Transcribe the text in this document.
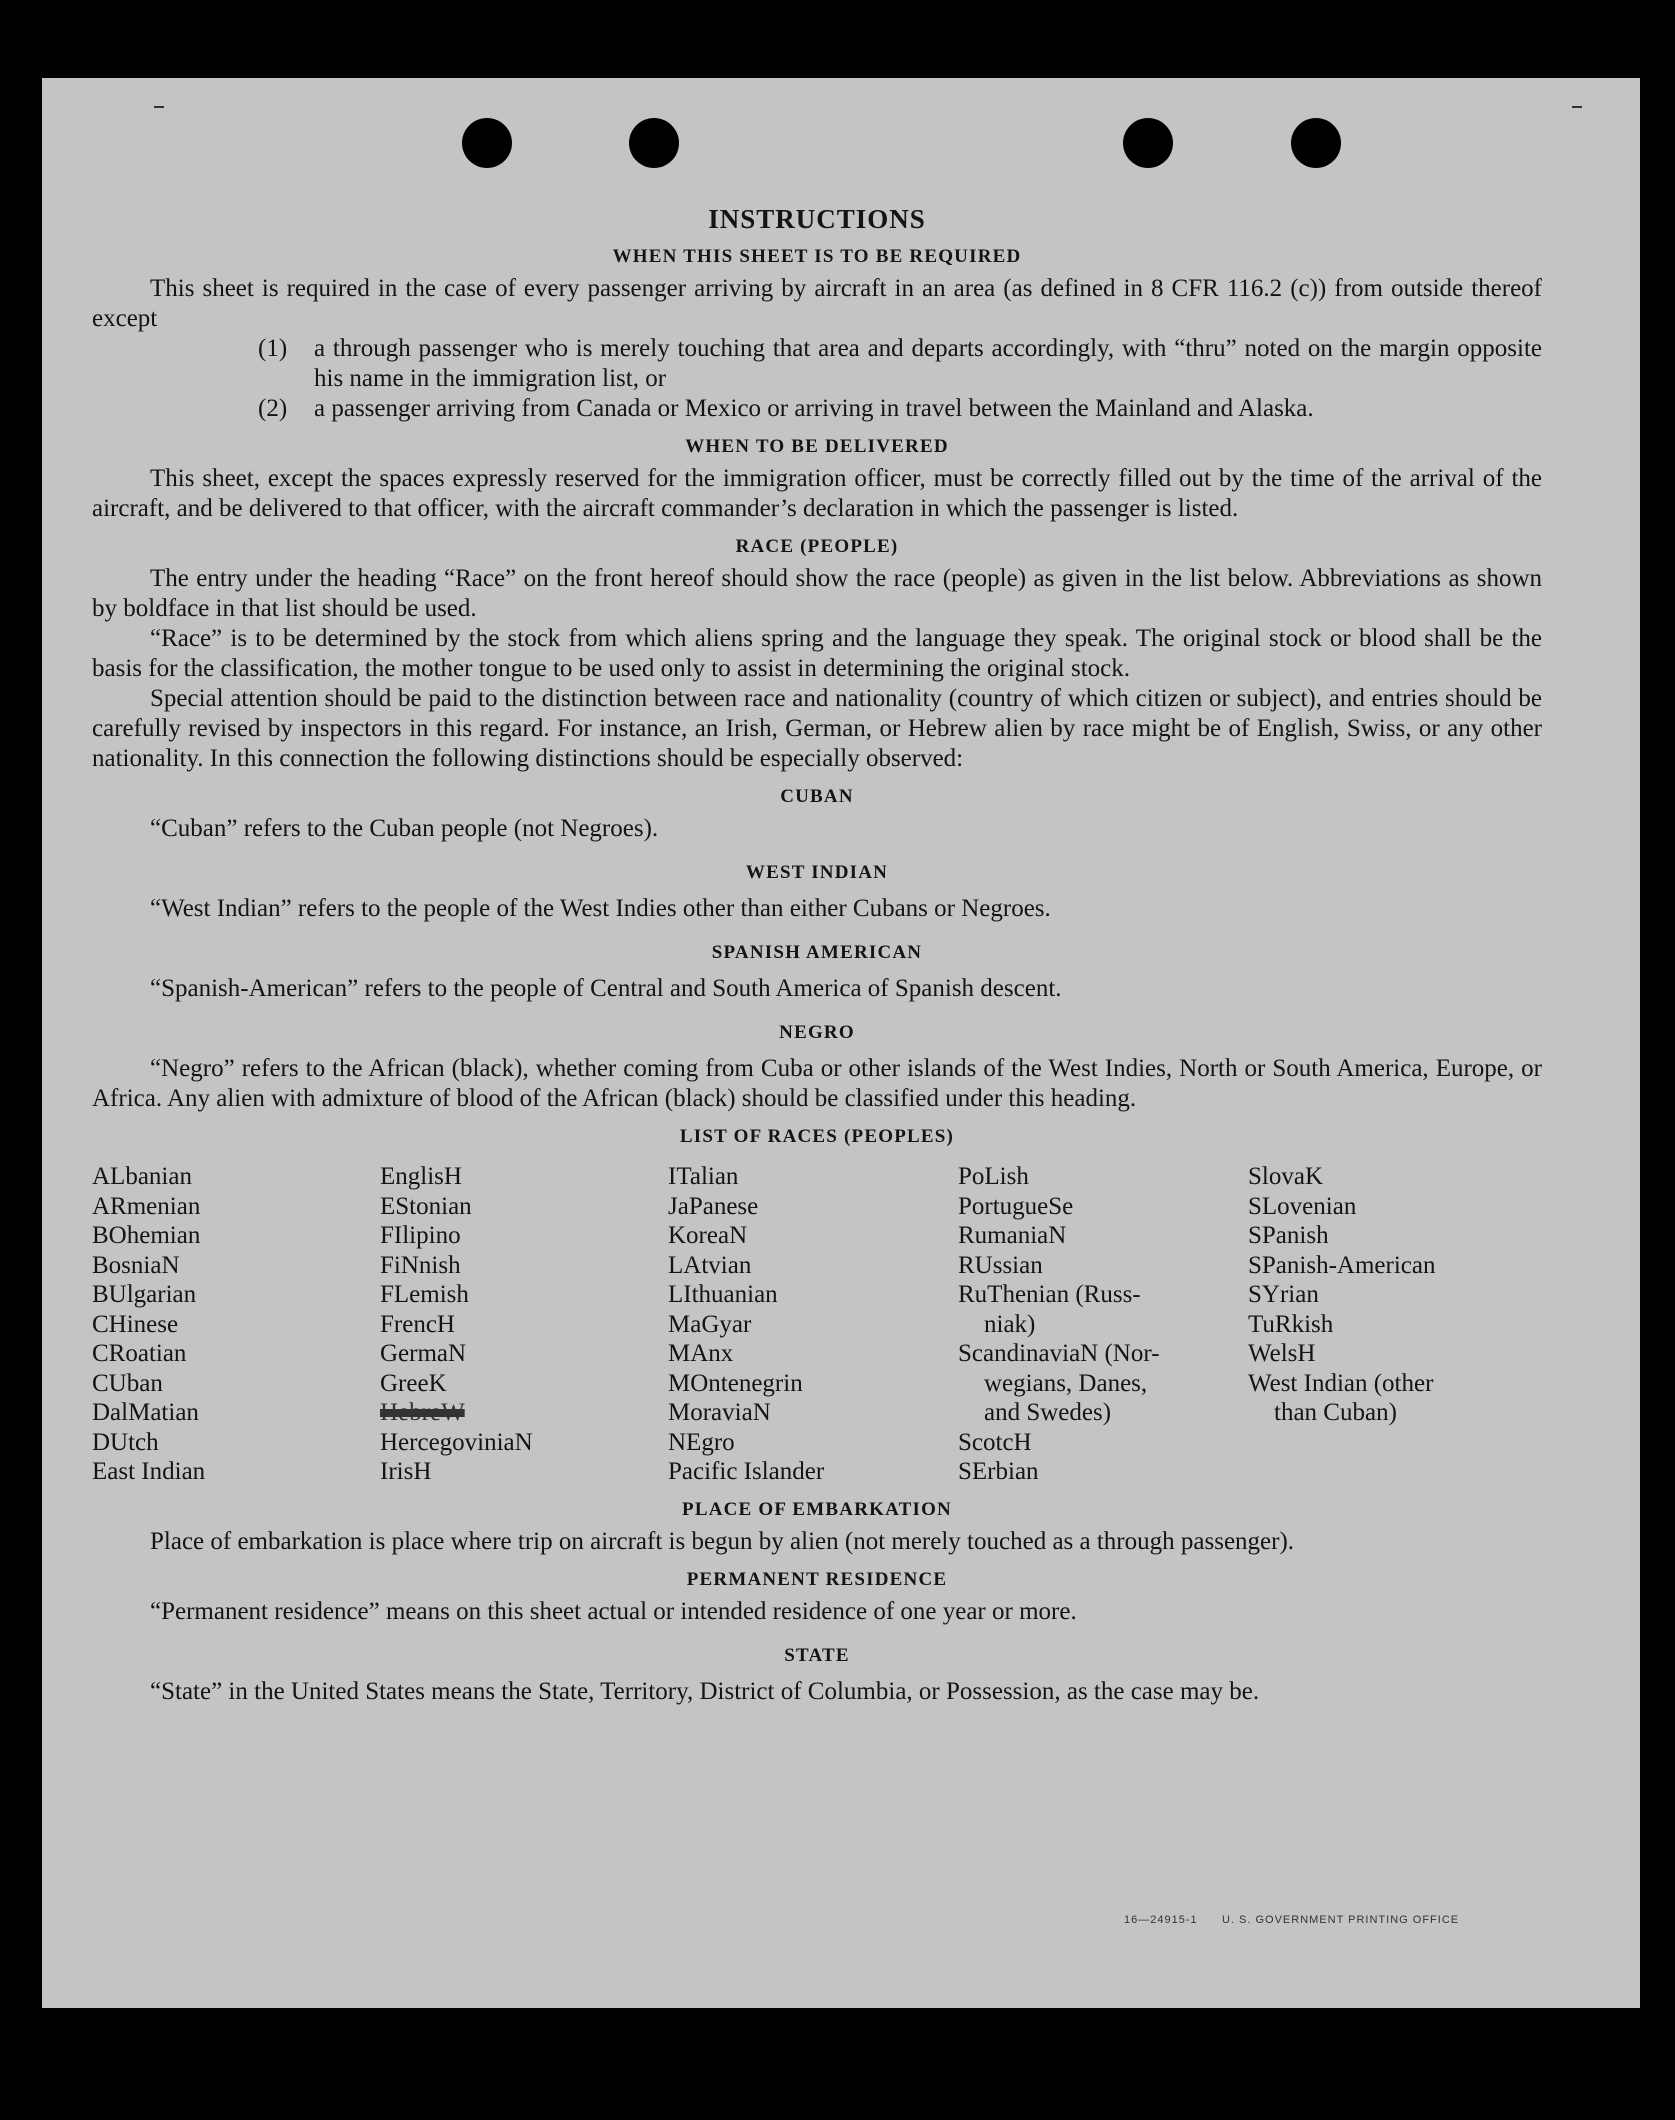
INSTRUCTIONS
WHEN THIS SHEET IS TO BE REQUIRED

This sheet is required in the case of every passenger arriving by aircraft in an area (as defined in 8 CFR 116.2 (c)) from outside thereof except

(1)	a through passenger who is merely touching that area and departs accordingly, with “thru” noted on the margin opposite his name in the immigration list, or
(2)	a passenger arriving from Canada or Mexico or arriving in travel between the Mainland and Alaska.
WHEN TO BE DELIVERED

This sheet, except the spaces expressly reserved for the immigration officer, must be correctly filled out by the time of the arrival of the aircraft, and be delivered to that officer, with the aircraft commander’s declaration in which the passenger is listed.

RACE (PEOPLE)

The entry under the heading “Race” on the front hereof should show the race (people) as given in the list below. Abbreviations as shown by boldface in that list should be used.

“Race” is to be determined by the stock from which aliens spring and the language they speak. The original stock or blood shall be the basis for the classification, the mother tongue to be used only to assist in determining the original stock.

Special attention should be paid to the distinction between race and nationality (country of which citizen or subject), and entries should be carefully revised by inspectors in this regard. For instance, an Irish, German, or Hebrew alien by race might be of English, Swiss, or any other nationality. In this connection the following distinctions should be especially observed:

CUBAN

“Cuban” refers to the Cuban people (not Negroes).

WEST INDIAN

“West Indian” refers to the people of the West Indies other than either Cubans or Negroes.

SPANISH AMERICAN

“Spanish-American” refers to the people of Central and South America of Spanish descent.

NEGRO

“Negro” refers to the African (black), whether coming from Cuba or other islands of the West Indies, North or South America, Europe, or Africa. Any alien with admixture of blood of the African (black) should be classified under this heading.

LIST OF RACES (PEOPLES)
ALbanian
ARmenian
BOhemian
BosniaN
BUlgarian
CHinese
CRoatian
CUban
DalMatian
DUtch
East Indian
EnglisH
EStonian
FIlipino
FiNnish
FLemish
FrencH
GermaN
GreeK
HebreW
HercegoviniaN
IrisH
ITalian
JaPanese
KoreaN
LAtvian
LIthuanian
MaGyar
MAnx
MOntenegrin
MoraviaN
NEgro
Pacific Islander
PoLish
PortugueSe
RumaniaN
RUssian
RuThenian (Russ-
niak)
ScandinaviaN (Nor-
wegians, Danes,
and Swedes)
ScotcH
SErbian
SlovaK
SLovenian
SPanish
SPanish-American
SYrian
TuRkish
WelsH
West Indian (other
than Cuban)
PLACE OF EMBARKATION

Place of embarkation is place where trip on aircraft is begun by alien (not merely touched as a through passenger).

PERMANENT RESIDENCE

“Permanent residence” means on this sheet actual or intended residence of one year or more.

STATE

“State” in the United States means the State, Territory, District of Columbia, or Possession, as the case may be.

16—24915-1 U. S. GOVERNMENT PRINTING OFFICE
